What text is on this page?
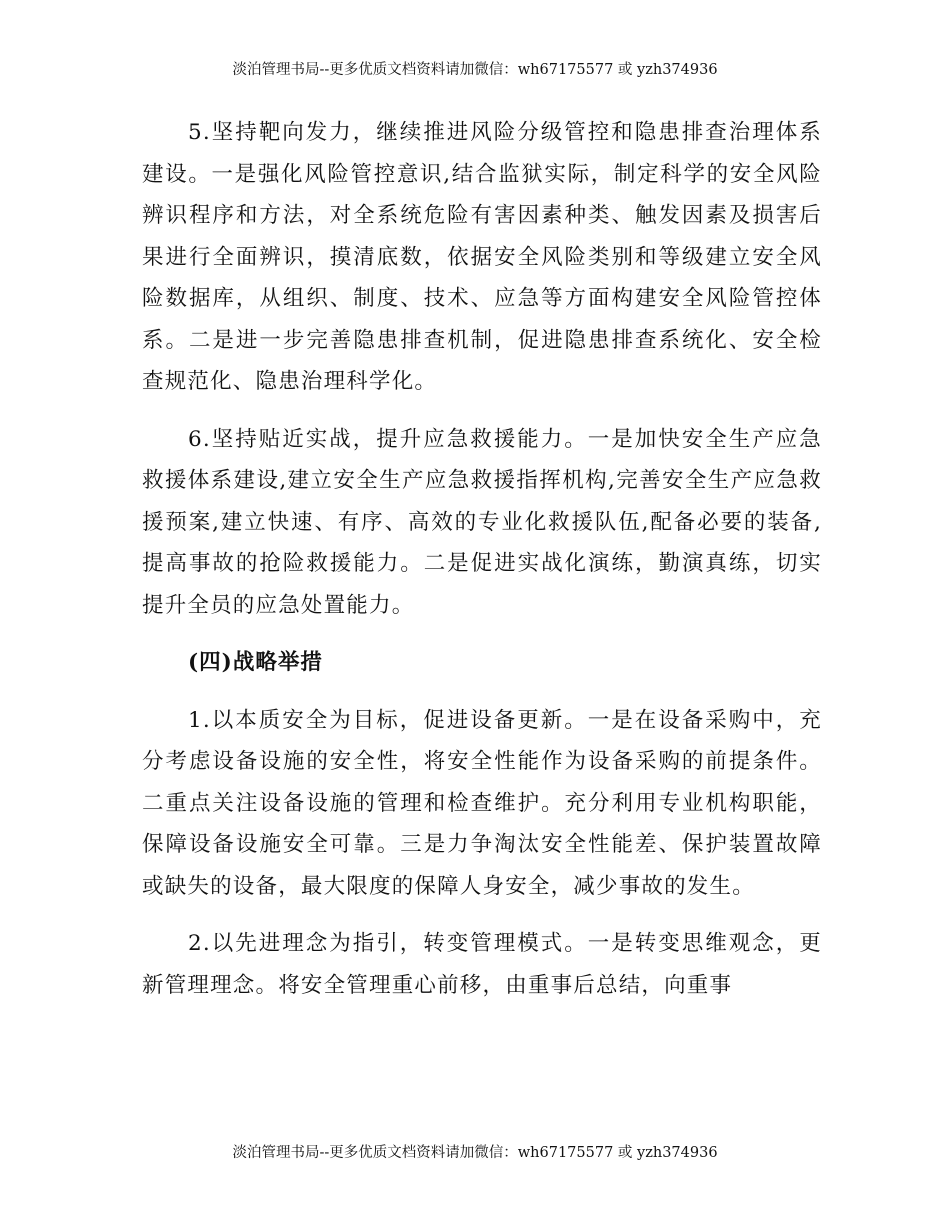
淡泊管理书局--更多优质文档资料请加微信：wh67175577 或 yzh374936

5.坚持靶向发力，继续推进风险分级管控和隐患排查治理体系建设。一是强化风险管控意识,结合监狱实际，制定科学的安全风险辨识程序和方法，对全系统危险有害因素种类、触发因素及损害后果进行全面辨识，摸清底数，依据安全风险类别和等级建立安全风险数据库，从组织、制度、技术、应急等方面构建安全风险管控体系。二是进一步完善隐患排查机制，促进隐患排查系统化、安全检查规范化、隐患治理科学化。

6.坚持贴近实战，提升应急救援能力。一是加快安全生产应急救援体系建设,建立安全生产应急救援指挥机构,完善安全生产应急救援预案,建立快速、有序、高效的专业化救援队伍,配备必要的装备,提高事故的抢险救援能力。二是促进实战化演练，勤演真练，切实提升全员的应急处置能力。

(四)战略举措

1.以本质安全为目标，促进设备更新。一是在设备采购中，充分考虑设备设施的安全性，将安全性能作为设备采购的前提条件。二重点关注设备设施的管理和检查维护。充分利用专业机构职能，保障设备设施安全可靠。三是力争淘汰安全性能差、保护装置故障或缺失的设备，最大限度的保障人身安全，减少事故的发生。

2.以先进理念为指引，转变管理模式。一是转变思维观念，更新管理理念。将安全管理重心前移，由重事后总结，向重事

淡泊管理书局--更多优质文档资料请加微信：wh67175577 或 yzh374936
